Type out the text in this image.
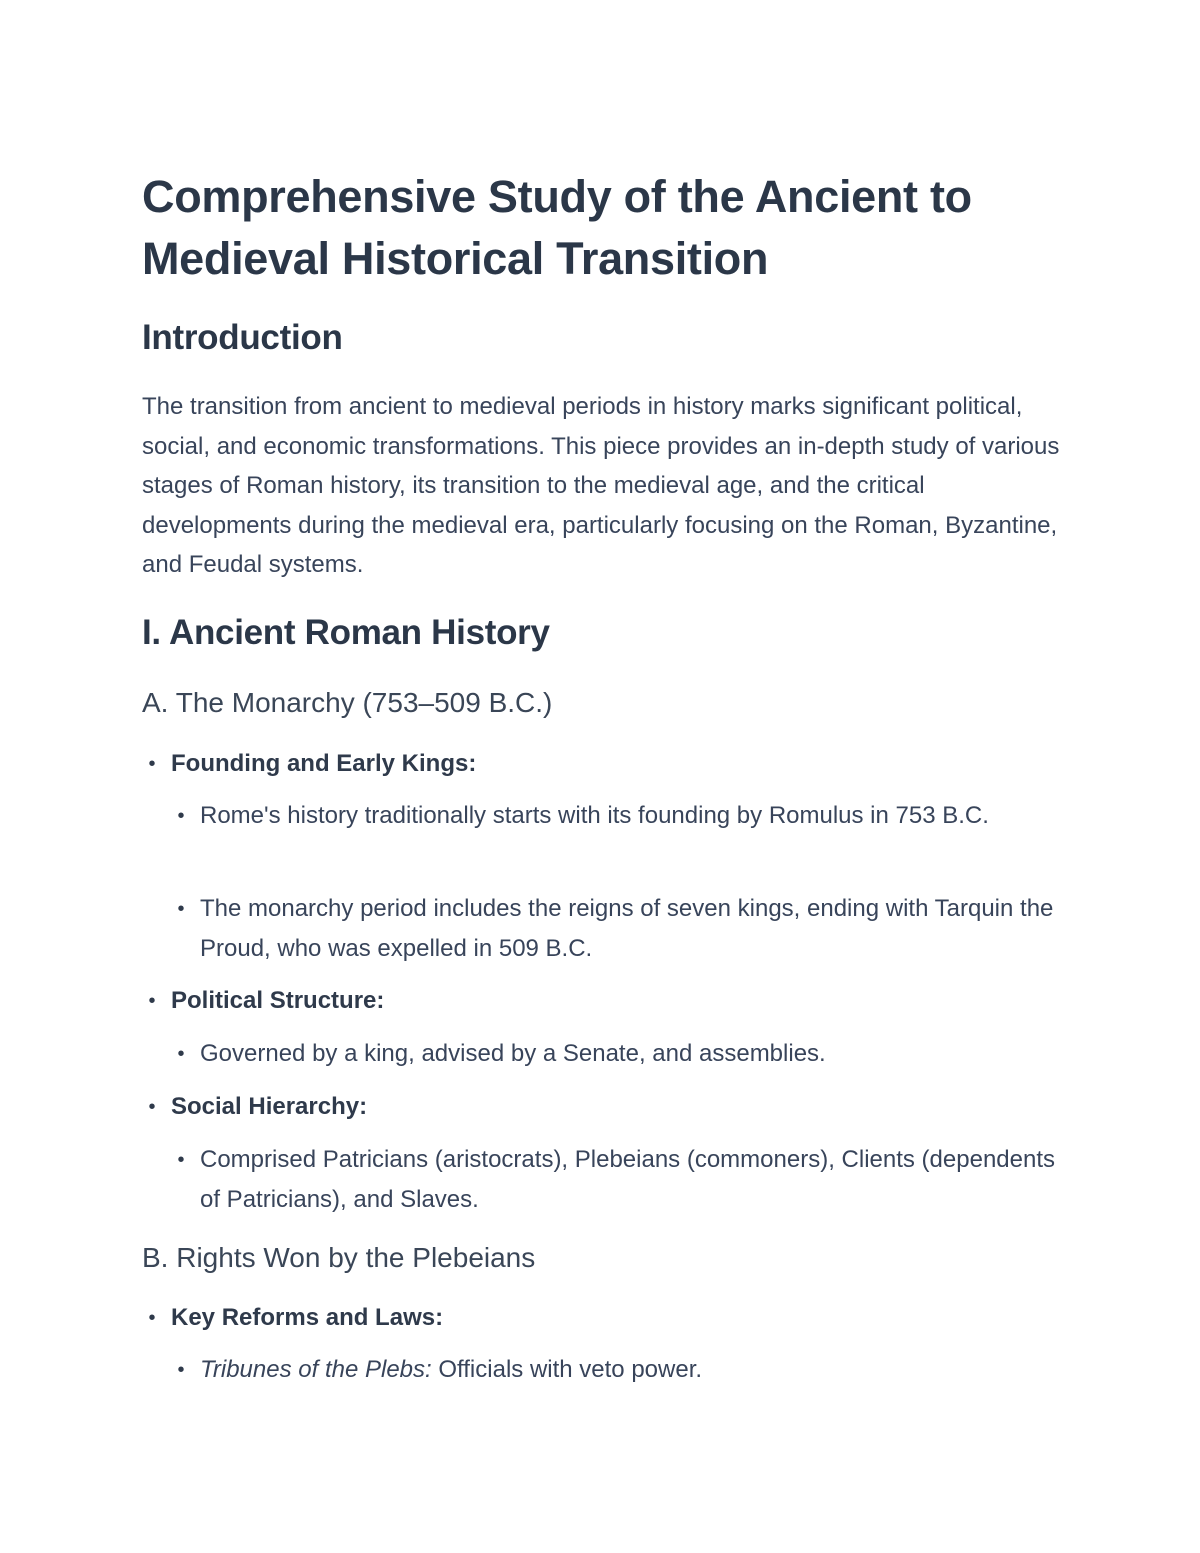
Comprehensive Study of the Ancient to Medieval Historical Transition
Introduction

The transition from ancient to medieval periods in history marks significant political, social, and economic transformations. This piece provides an in-depth study of various stages of Roman history, its transition to the medieval age, and the critical developments during the medieval era, particularly focusing on the Roman, Byzantine, and Feudal systems.

I. Ancient Roman History
A. The Monarchy (753–509 B.C.)
• Founding and Early Kings:
• Rome's history traditionally starts with its founding by Romulus in 753 B.C.
• The monarchy period includes the reigns of seven kings, ending with Tarquin the Proud, who was expelled in 509 B.C.
• Political Structure:
• Governed by a king, advised by a Senate, and assemblies.
• Social Hierarchy:
• Comprised Patricians (aristocrats), Plebeians (commoners), Clients (dependents of Patricians), and Slaves.
B. Rights Won by the Plebeians
• Key Reforms and Laws:
• Tribunes of the Plebs: Officials with veto power.
